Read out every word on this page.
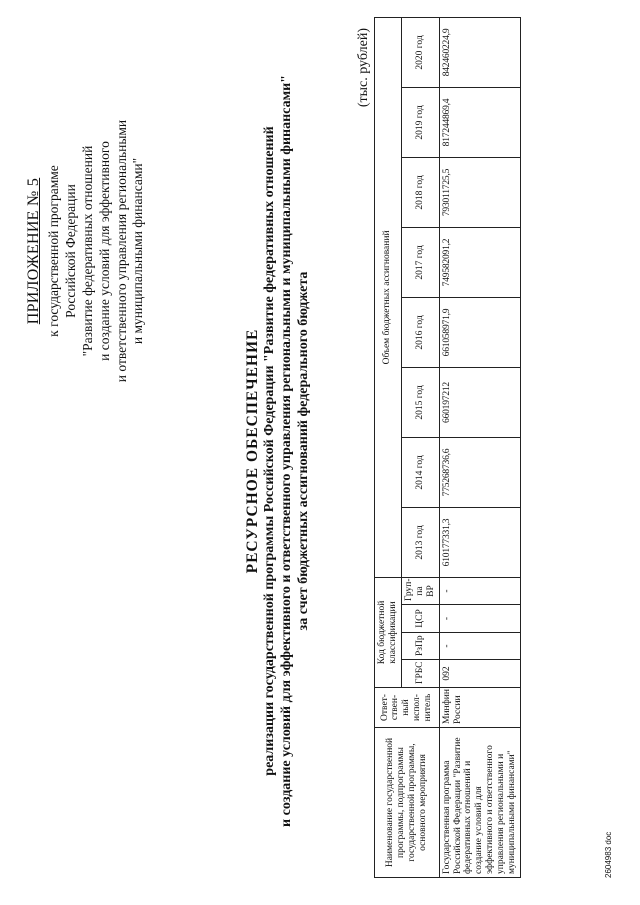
ПРИЛОЖЕНИЕ № 5 к государственной программе Российской Федерации "Развитие федеративных отношений и создание условий для эффективного и ответственного управления региональными и муниципальными финансами"
РЕСУРСНОЕ ОБЕСПЕЧЕНИЕ реализации государственной программы Российской Федерации "Развитие федеративных отношений и создание условий для эффективного и ответственного управления региональными и муниципальными финансами" за счет бюджетных ассигнований федерального бюджета
(тыс. рублей)
Наименование государственной программы, подпрограммы государственной программы, основного мероприятия	Ответ-ствен-ный испол-нитель	Код бюджетной классификации				Объем бюджетных ассигнований							
		ГРБС	РзПр	ЦСР	Груп-па ВР	2013 год	2014 год	2015 год	2016 год	2017 год	2018 год	2019 год	2020 год
Государственная программа Российской Федерации "Развитие федеративных отношений и создание условий для эффективного и ответственного управления региональными и муниципальными финансами"	Минфин России	092	-	-	-	610177331,3	775268736,6	660197212	661058971,9	749582091,2	793011725,5	817244869,4	842460224,9
2604983 doc
